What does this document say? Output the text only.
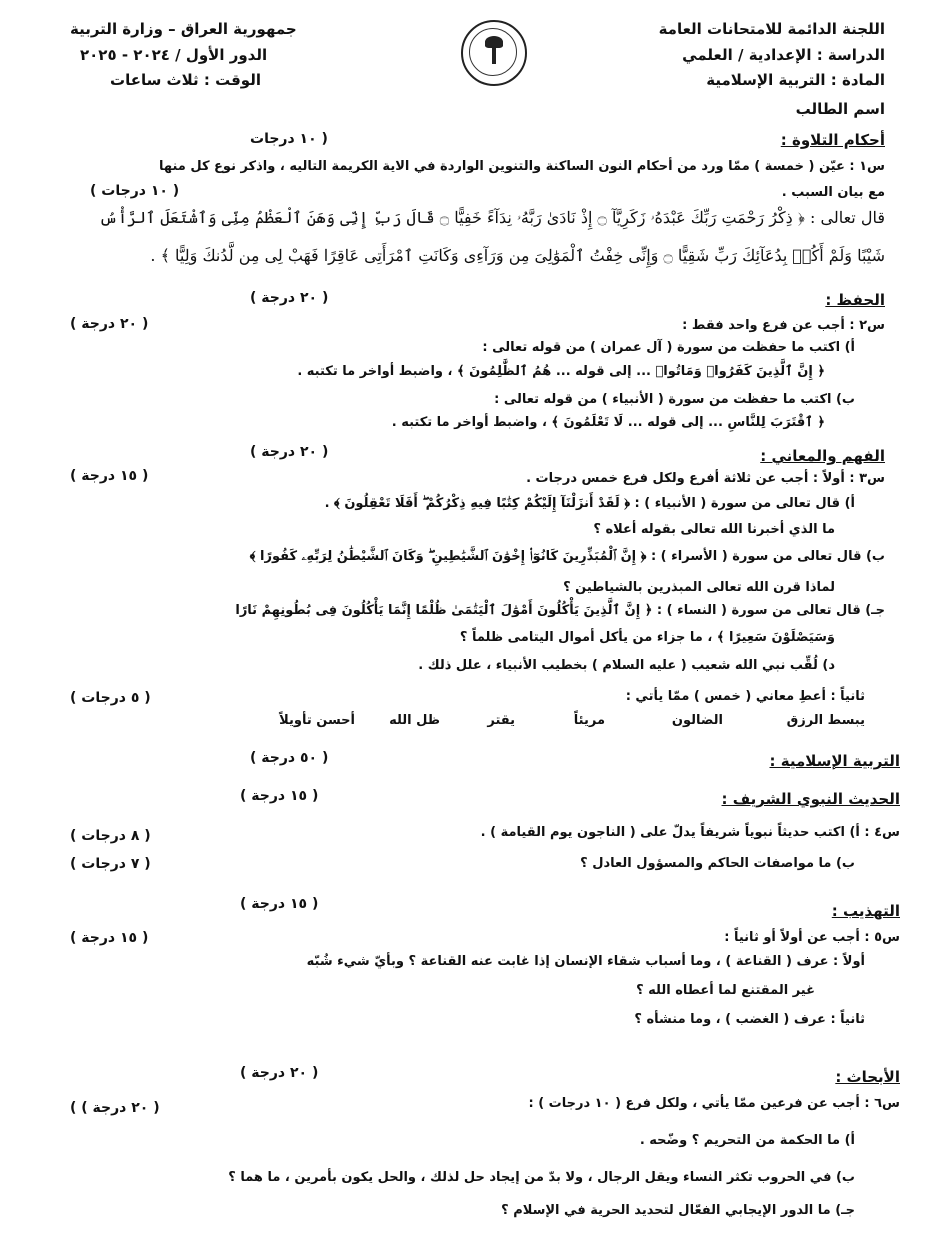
اللجنة الدائمة للامتحانات العامة
الدراسة : الإعدادية / العلمي
المادة : التربية الإسلامية
جمهورية العراق – وزارة التربية
الدور الأول / ٢٠٢٤ - ٢٠٢٥
الوقت : ثلاث ساعات
اسم الطالب
أحكام التلاوة :
( ١٠ درجات
س١ : عيّن ( خمسة ) ممّا ورد من أحكام النون الساكنة والتنوين الواردة في الاية الكريمة التاليه ، واذكر نوع كل منها
مع بيان السبب .
( ١٠ درجات )
قال تعالى : ﴿ ذِكْرُ رَحْمَتِ رَبِّكَ عَبْدَهُۥ زَكَرِيَّآ ۝ إِذْ نَادَىٰ رَبَّهُۥ نِدَآءً خَفِيًّا ۝ قَالَ رَبِّ إِنِّى وَهَنَ ٱلْعَظْمُ مِنِّى وَٱشْتَعَلَ ٱلرَّأْسُ
شَيْبًا وَلَمْ أَكُنۢ بِدُعَآئِكَ رَبِّ شَقِيًّا ۝ وَإِنِّى خِفْتُ ٱلْمَوَٰلِىَ مِن وَرَآءِى وَكَانَتِ ٱمْرَأَتِى عَاقِرًا فَهَبْ لِى مِن لَّدُنكَ وَلِيًّا ﴾ .
الحفظ :
( ٢٠ درجة )
س٢ : أجب عن فرع واحد فقط :
( ٢٠ درجة )
أ) اكتب ما حفظت من سورة ( آل عمران ) من قوله تعالى :
﴿ إِنَّ ٱلَّذِينَ كَفَرُوا۟ وَمَاتُوا۟ ... إلى قوله ... هُمُ ٱلظَّٰلِمُونَ ﴾ ، واضبط أواخر ما تكتبه .
ب) اكتب ما حفظت من سورة ( الأنبياء ) من قوله تعالى :
﴿ ٱقْتَرَبَ لِلنَّاسِ ... إلى قوله ... لَا تَعْلَمُونَ ﴾ ، واضبط أواخر ما تكتبه .
الفهم والمعاني :
( ٢٠ درجة )
س٣ : أولاً : أجب عن ثلاثة أفرع ولكل فرع خمس درجات .
( ١٥ درجة )
أ) قال تعالى من سورة ( الأنبياء ) : ﴿ لَقَدْ أَنزَلْنَآ إِلَيْكُمْ كِتَٰبًا فِيهِ ذِكْرُكُمْ ۖ أَفَلَا تَعْقِلُونَ ﴾ .
ما الذي أخبرنا الله تعالى بقوله أعلاه ؟
ب) قال تعالى من سورة ( الأسراء ) : ﴿ إِنَّ ٱلْمُبَذِّرِينَ كَانُوٓا۟ إِخْوَٰنَ ٱلشَّيَٰطِينِ ۖ وَكَانَ ٱلشَّيْطَٰنُ لِرَبِّهِۦ كَفُورًا ﴾
لماذا قرن الله تعالى المبذرين بالشياطين ؟
جـ) قال تعالى من سورة ( النساء ) : ﴿ إِنَّ ٱلَّذِينَ يَأْكُلُونَ أَمْوَٰلَ ٱلْيَتَٰمَىٰ ظُلْمًا إِنَّمَا يَأْكُلُونَ فِى بُطُونِهِمْ نَارًا
وَسَيَصْلَوْنَ سَعِيرًا ﴾ ، ما جزاء من يأكل أموال اليتامى ظلماً ؟
د) لُقِّب نبي الله شعيب ( عليه السلام ) بخطيب الأنبياء ، علل ذلك .
ثانياً : أعطِ معاني ( خمس ) ممّا يأتي :
( ٥ درجات )
يبسط الرزق
الضالون
مريئاً
يقتر
ظل الله
أحسن تأويلاً
التربية الإسلامية :
( ٥٠ درجة )
الحديث النبوي الشريف :
( ١٥ درجة )
س٤ : أ) اكتب حديثاً نبوياً شريفاً يدلّ على ( الناجون يوم القيامة ) .
( ٨ درجات )
ب) ما مواصفات الحاكم والمسؤول العادل ؟
( ٧ درجات )
التهذيب :
( ١٥ درجة )
س٥ : أجب عن أولاً أو ثانياً :
( ١٥ درجة )
أولاً : عرف ( القناعة ) ، وما أسباب شقاء الإنسان إذا غابت عنه القناعة ؟ وبأيّ شيء شُبّه
غير المقتنع لما أعطاه الله ؟
ثانياً : عرف ( الغضب ) ، وما منشأه ؟
الأبحاث :
( ٢٠ درجة )
س٦ : أجب عن فرعين ممّا يأتي ، ولكل فرع ( ١٠ درجات ) :
( ٢٠ درجة ) )
أ) ما الحكمة من التحريم ؟ وضّحه .
ب) في الحروب تكثر النساء ويقل الرجال ، ولا بدّ من إيجاد حل لذلك ، والحل يكون بأمرين ، ما هما ؟
جـ) ما الدور الإيجابي الفعّال لتحديد الحرية في الإسلام ؟
